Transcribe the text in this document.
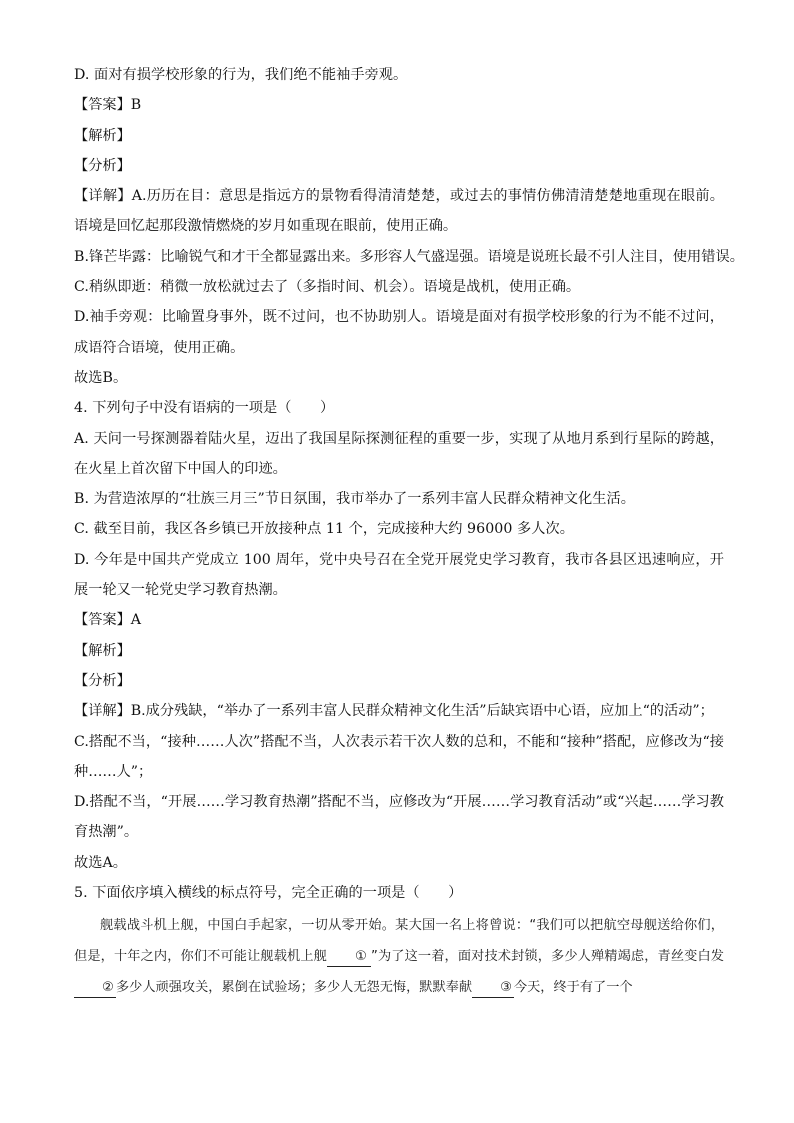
D. 面对有损学校形象的行为，我们绝不能袖手旁观。
【答案】B
【解析】
【分析】
【详解】A.历历在目：意思是指远方的景物看得清清楚楚，或过去的事情仿佛清清楚楚地重现在眼前。语境是回忆起那段激情燃烧的岁月如重现在眼前，使用正确。
B.锋芒毕露：比喻锐气和才干全都显露出来。多形容人气盛逞强。语境是说班长最不引人注目，使用错误。
C.稍纵即逝：稍微一放松就过去了（多指时间、机会）。语境是战机，使用正确。
D.袖手旁观：比喻置身事外，既不过问，也不协助别人。语境是面对有损学校形象的行为不能不过问，成语符合语境，使用正确。
故选B。
4. 下列句子中没有语病的一项是（　　）
A. 天问一号探测器着陆火星，迈出了我国星际探测征程的重要一步，实现了从地月系到行星际的跨越，在火星上首次留下中国人的印迹。
B. 为营造浓厚的“壮族三月三”节日氛围，我市举办了一系列丰富人民群众精神文化生活。
C. 截至目前，我区各乡镇已开放接种点 11 个，完成接种大约 96000 多人次。
D. 今年是中国共产党成立 100 周年，党中央号召在全党开展党史学习教育，我市各县区迅速响应，开展一轮又一轮党史学习教育热潮。
【答案】A
【解析】
【分析】
【详解】B.成分残缺，“举办了一系列丰富人民群众精神文化生活”后缺宾语中心语，应加上“的活动”；
C.搭配不当，“接种……人次”搭配不当，人次表示若干次人数的总和，不能和“接种”搭配，应修改为“接种……人”；
D.搭配不当，“开展……学习教育热潮”搭配不当，应修改为“开展……学习教育活动”或“兴起……学习教育热潮”。
故选A。
5. 下面依序填入横线的标点符号，完全正确的一项是（　　）
舰载战斗机上舰，中国白手起家，一切从零开始。某大国一名上将曾说：“我们可以把航空母舰送给你们，但是，十年之内，你们不可能让舰载机上舰 ① ”为了这一着，面对技术封锁，多少人殚精竭虑，青丝变白发② 多少人顽强攻关，累倒在试验场；多少人无怨无悔，默默奉献 ③ 今天，终于有了一个
